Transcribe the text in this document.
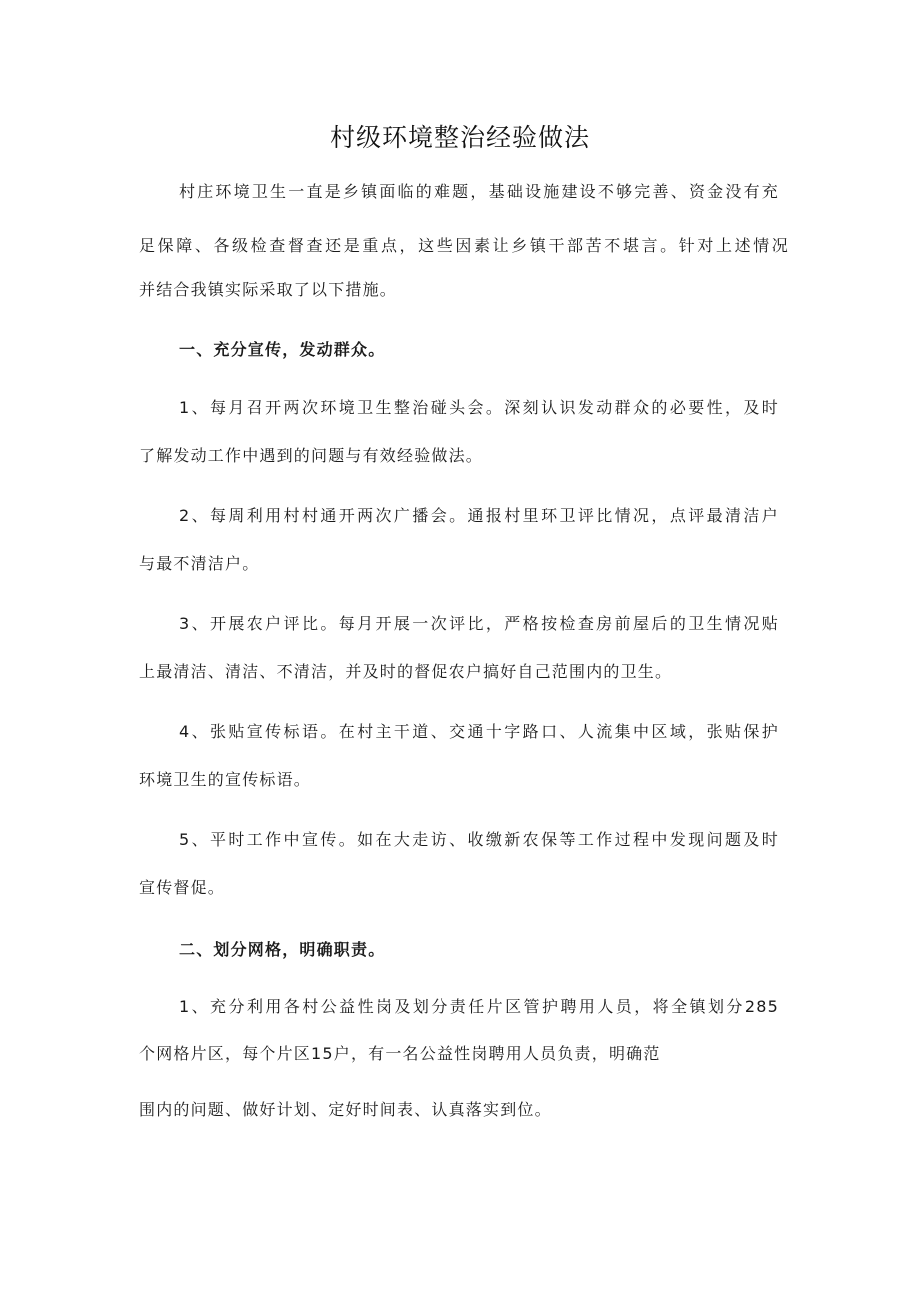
村级环境整治经验做法
村庄环境卫生一直是乡镇面临的难题，基础设施建设不够完善、资金没有充
足保障、各级检查督查还是重点，这些因素让乡镇干部苦不堪言。针对上述情况
并结合我镇实际采取了以下措施。
一、充分宣传，发动群众。
1、每月召开两次环境卫生整治碰头会。深刻认识发动群众的必要性，及时
了解发动工作中遇到的问题与有效经验做法。
2、每周利用村村通开两次广播会。通报村里环卫评比情况，点评最清洁户
与最不清洁户。
3、开展农户评比。每月开展一次评比，严格按检查房前屋后的卫生情况贴
上最清洁、清洁、不清洁，并及时的督促农户搞好自己范围内的卫生。
4、张贴宣传标语。在村主干道、交通十字路口、人流集中区域，张贴保护
环境卫生的宣传标语。
5、平时工作中宣传。如在大走访、收缴新农保等工作过程中发现问题及时
宣传督促。
二、划分网格，明确职责。
1、充分利用各村公益性岗及划分责任片区管护聘用人员，将全镇划分285
个网格片区，每个片区15户，有一名公益性岗聘用人员负责，明确范
围内的问题、做好计划、定好时间表、认真落实到位。
